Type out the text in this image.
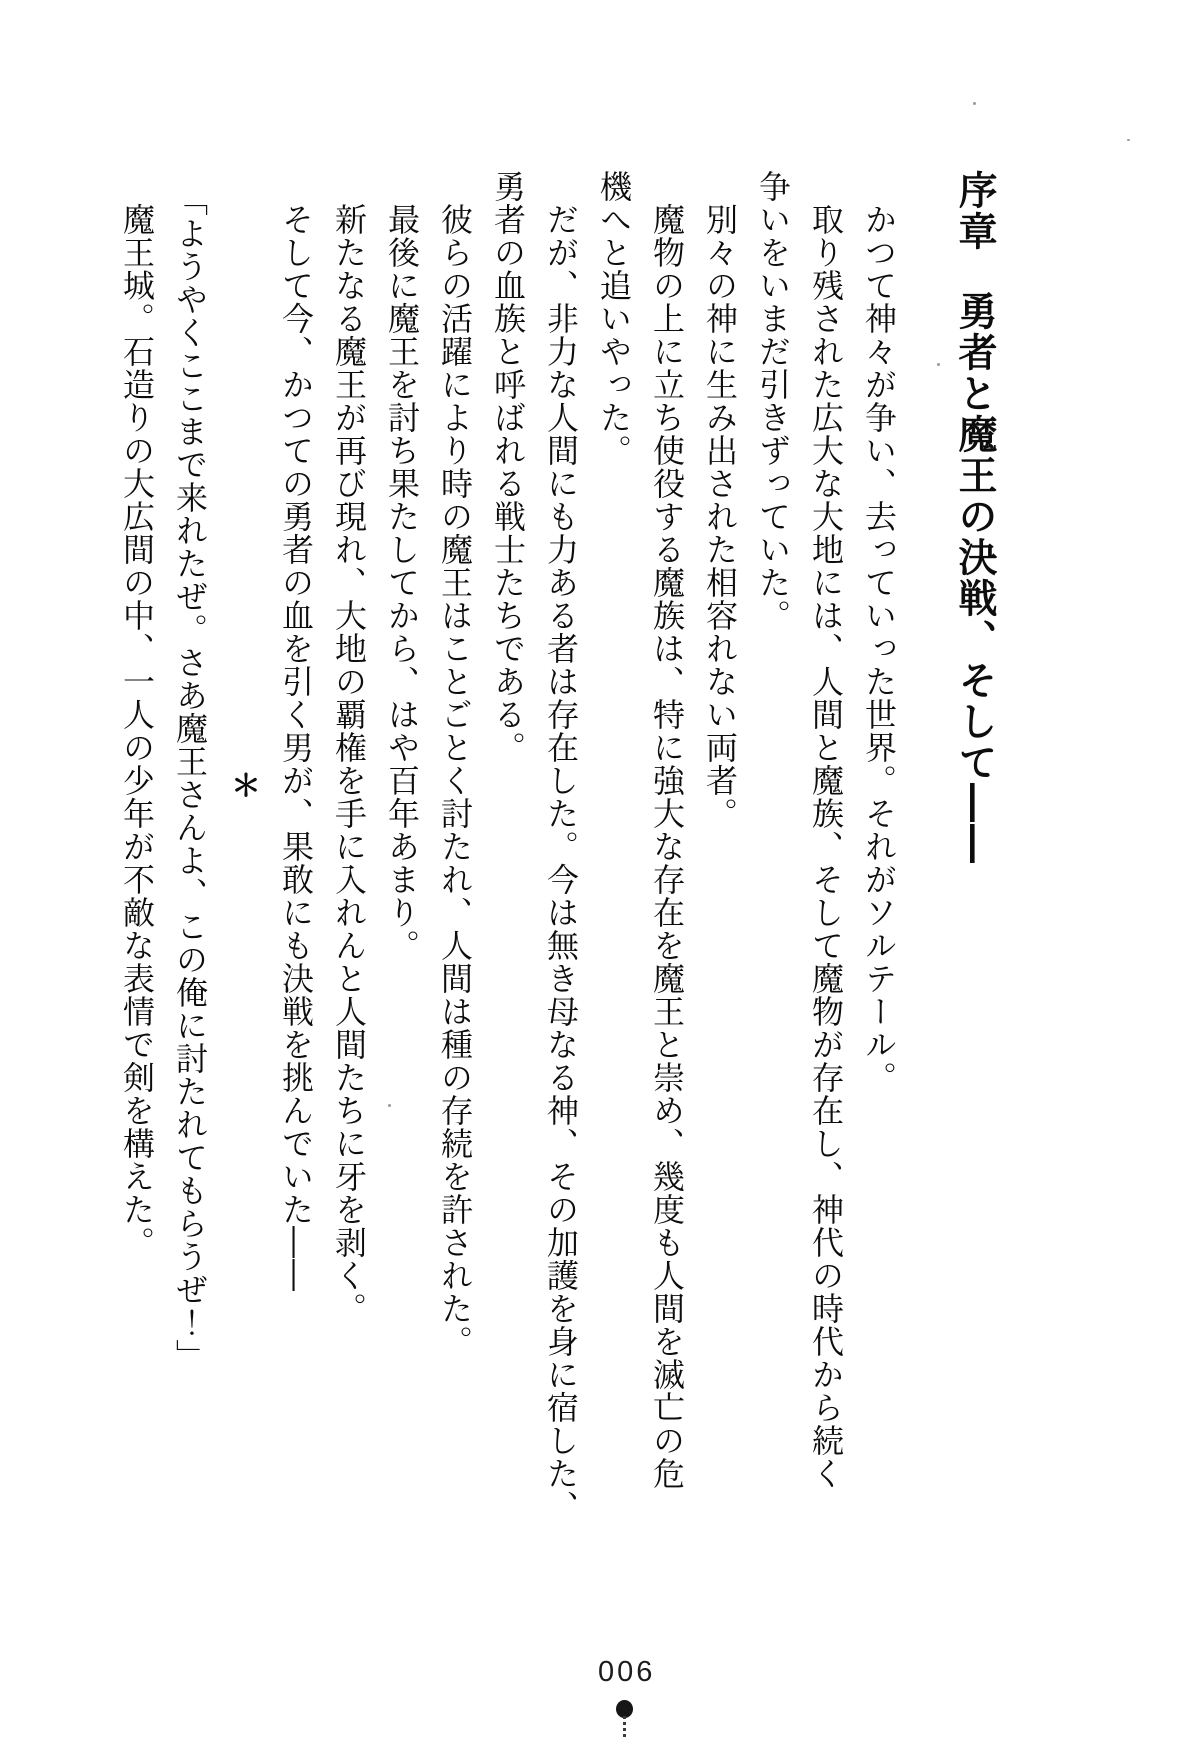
序章勇者と魔王の決戦、そして――

かつて神々が争い、去っていった世界。それがソルテール。

取り残された広大な大地には、人間と魔族、そして魔物が存在し、神代の時代から続く

争いをいまだ引きずっていた。

別々の神に生み出された相容れない両者。

魔物の上に立ち使役する魔族は、特に強大な存在を魔王と崇め、幾度も人間を滅亡の危

機へと追いやった。

だが、非力な人間にも力ある者は存在した。今は無き母なる神、その加護を身に宿した、

勇者の血族と呼ばれる戦士たちである。

彼らの活躍により時の魔王はことごとく討たれ、人間は種の存続を許された。

最後に魔王を討ち果たしてから、はや百年あまり。

新たなる魔王が再び現れ、大地の覇権を手に入れんと人間たちに牙を剥く。

そして今、かつての勇者の血を引く男が、果敢にも決戦を挑んでいた――

＊

「ようやくここまで来れたぜ。さあ魔王さんよ、この俺に討たれてもらうぜ！」

魔王城。石造りの大広間の中、一人の少年が不敵な表情で剣を構えた。

006
